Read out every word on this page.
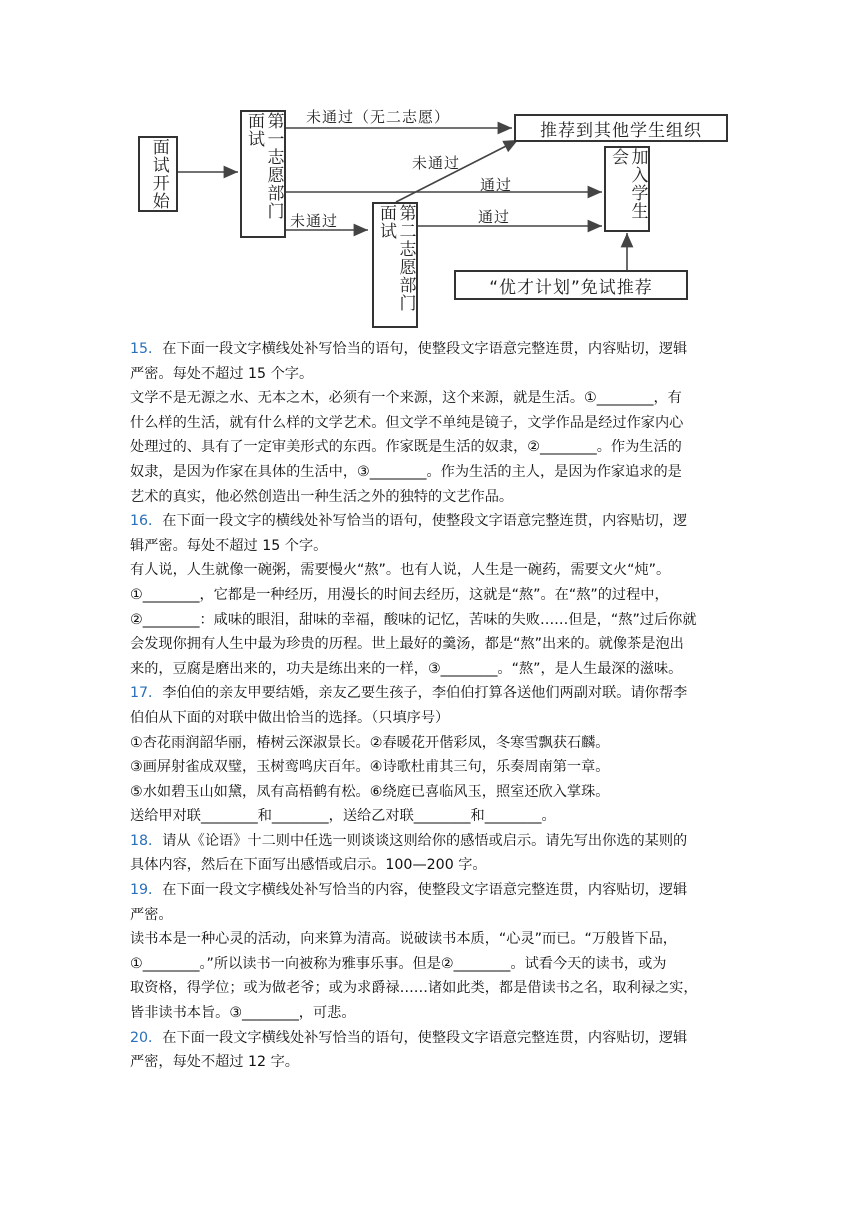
面试开始	第一志愿部门面试
第二志愿部门面试
推荐到其他学生组织
加入学生会
“优才计划”免试推荐
未通过（无二志愿）
未通过
通过
未通过	通过
15．在下面一段文字横线处补写恰当的语句，使整段文字语意完整连贯，内容贴切，逻辑
严密。每处不超过 15 个字。
文学不是无源之水、无本之木，必须有一个来源，这个来源，就是生活。①________，有
什么样的生活，就有什么样的文学艺术。但文学不单纯是镜子，文学作品是经过作家内心
处理过的、具有了一定审美形式的东西。作家既是生活的奴隶，②________。作为生活的
奴隶，是因为作家在具体的生活中，③________。作为生活的主人，是因为作家追求的是
艺术的真实，他必然创造出一种生活之外的独特的文艺作品。
16．在下面一段文字的横线处补写恰当的语句，使整段文字语意完整连贯，内容贴切，逻
辑严密。每处不超过 15 个字。
有人说，人生就像一碗粥，需要慢火“熬”。也有人说，人生是一碗药，需要文火“炖”。
①________，它都是一种经历，用漫长的时间去经历，这就是“熬”。在“熬”的过程中，
②________：咸味的眼泪，甜味的幸福，酸味的记忆，苦味的失败……但是，“熬”过后你就
会发现你拥有人生中最为珍贵的历程。世上最好的羹汤，都是“熬”出来的。就像茶是泡出
来的，豆腐是磨出来的，功夫是练出来的一样，③________。“熬”，是人生最深的滋味。
17．李伯伯的亲友甲要结婚，亲友乙要生孩子，李伯伯打算各送他们两副对联。请你帮李
伯伯从下面的对联中做出恰当的选择。（只填序号）
①杏花雨润韶华丽，椿树云深淑景长。②春暖花开偕彩凤，冬寒雪飘获石麟。
③画屏射雀成双璧，玉树鸾鸣庆百年。④诗歌杜甫其三句，乐奏周南第一章。
⑤水如碧玉山如黛，凤有高梧鹤有松。⑥绕庭已喜临风玉，照室还欣入掌珠。
送给甲对联________和________，送给乙对联________和________。
18．请从《论语》十二则中任选一则谈谈这则给你的感悟或启示。请先写出你选的某则的
具体内容，然后在下面写出感悟或启示。100—200 字。
19．在下面一段文字横线处补写恰当的内容，使整段文字语意完整连贯，内容贴切，逻辑
严密。
读书本是一种心灵的活动，向来算为清高。说破读书本质，“心灵”而已。“万般皆下品，
①________。”所以读书一向被称为雅事乐事。但是②________。试看今天的读书，或为
取资格，得学位；或为做老爷；或为求爵禄……诸如此类，都是借读书之名，取利禄之实，
皆非读书本旨。③________，可悲。
20．在下面一段文字横线处补写恰当的语句，使整段文字语意完整连贯，内容贴切，逻辑
严密，每处不超过 12 字。
